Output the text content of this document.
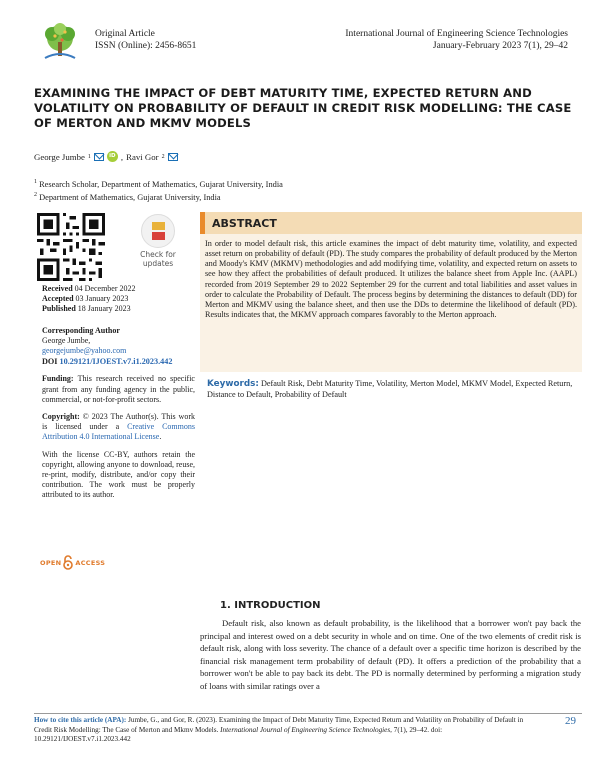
Original Article
ISSN (Online): 2456-8651
International Journal of Engineering Science Technologies
January-February 2023 7(1), 29–42
EXAMINING THE IMPACT OF DEBT MATURITY TIME, EXPECTED RETURN AND VOLATILITY ON PROBABILITY OF DEFAULT IN CREDIT RISK MODELLING: THE CASE OF MERTON AND MKMV MODELS
George Jumbe 1	iD , Ravi Gor 2
$^1$ Research Scholar, Department of Mathematics, Gujarat University, India
$^2$ Department of Mathematics, Gujarat University, India
Check for
updates
Received 04 December 2022
Accepted 03 January 2023
Published 18 January 2023
Corresponding Author
George Jumbe,
georgejumbe@yahoo.com
DOI 10.29121/IJOEST.v7.i1.2023.442
Funding: This research received no specific grant from any funding agency in the public, commercial, or not-for-profit sectors.
Copyright: © 2023 The Author(s). This work is licensed under a Creative Commons Attribution 4.0 International License.
With the license CC-BY, authors retain the copyright, allowing anyone to download, reuse, re-print, modify, distribute, and/or copy their contribution. The work must be properly attributed to its author.
OPEN ACCESS
ABSTRACT
In order to model default risk, this article examines the impact of debt maturity time, volatility, and expected asset return on probability of default (PD). The study compares the probability of default produced by the Merton and Moody's KMV (MKMV) methodologies and add modifying time, volatility, and expected return on assets to see how they affect the probabilities of default produced. It utilizes the balance sheet from Apple Inc. (AAPL) recorded from 2019 September 29 to 2022 September 29 for the current and total liabilities and asset values in order to calculate the Probability of Default. The process begins by determining the distances to default (DD) for Merton and MKMV using the balance sheet, and then use the DDs to determine the likelihood of default (PD). Results indicates that, the MKMV approach compares favorably to the Merton approach.
Keywords: Default Risk, Debt Maturity Time, Volatility, Merton Model, MKMV Model, Expected Return, Distance to Default, Probability of Default
1. INTRODUCTION
Default risk, also known as default probability, is the likelihood that a borrower won't pay back the principal and interest owed on a debt security in whole and on time. One of the two elements of credit risk is default risk, along with loss severity. The chance of a default over a specific time horizon is described by the financial risk management term probability of default (PD). It offers a prediction of the probability that a borrower won't be able to pay back its debt. The PD is normally determined by performing a migration study of loans with similar ratings over a
How to cite this article (APA): Jumbe, G., and Gor, R. (2023). Examining the Impact of Debt Maturity Time, Expected Return and Volatility on Probability of Default in Credit Risk Modelling: The Case of Merton and Mkmv Models. International Journal of Engineering Science Technologies, 7(1), 29–42. doi: 10.29121/IJOEST.v7.i1.2023.442
29
